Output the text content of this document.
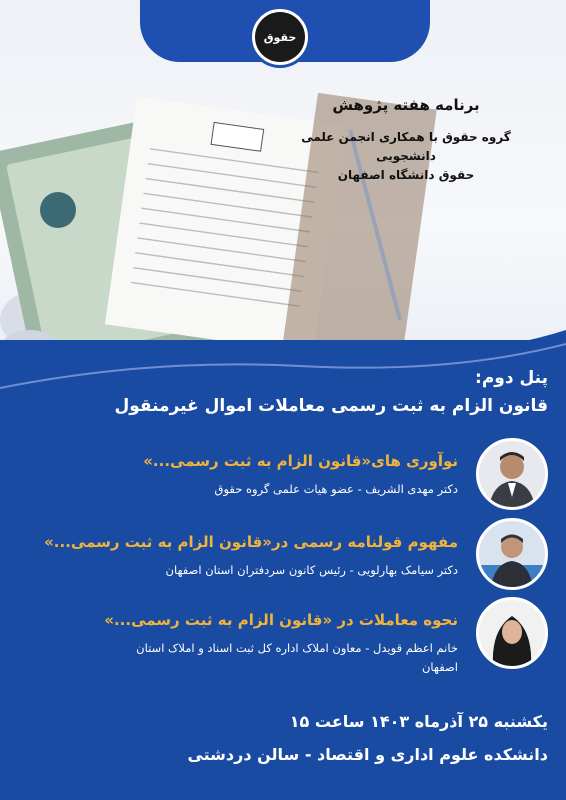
حقوق
برنامه هفته پژوهش
گروه حقوق با همکاری انجمن علمی دانشجویی
حقوق دانشگاه اصفهان
پنل دوم:
قانون الزام به ثبت رسمی معاملات اموال غیرمنقول
نوآوری های«قانون الزام به ثبت رسمی...»
دکتر مهدی الشریف - عضو هیات علمی گروه حقوق
مفهوم قولنامه رسمی در«قانون الزام به ثبت رسمی...»
دکتر سیامک بهارلویی - رئیس کانون سردفتران استان اصفهان
نحوه معاملات در «قانون الزام به ثبت رسمی...»
خانم اعظم قویدل - معاون املاک اداره کل ثبت اسناد و املاک استان اصفهان
یکشنبه ۲۵ آذرماه ۱۴۰۳ ساعت ۱۵
دانشکده علوم اداری و اقتصاد - سالن دردشتی
